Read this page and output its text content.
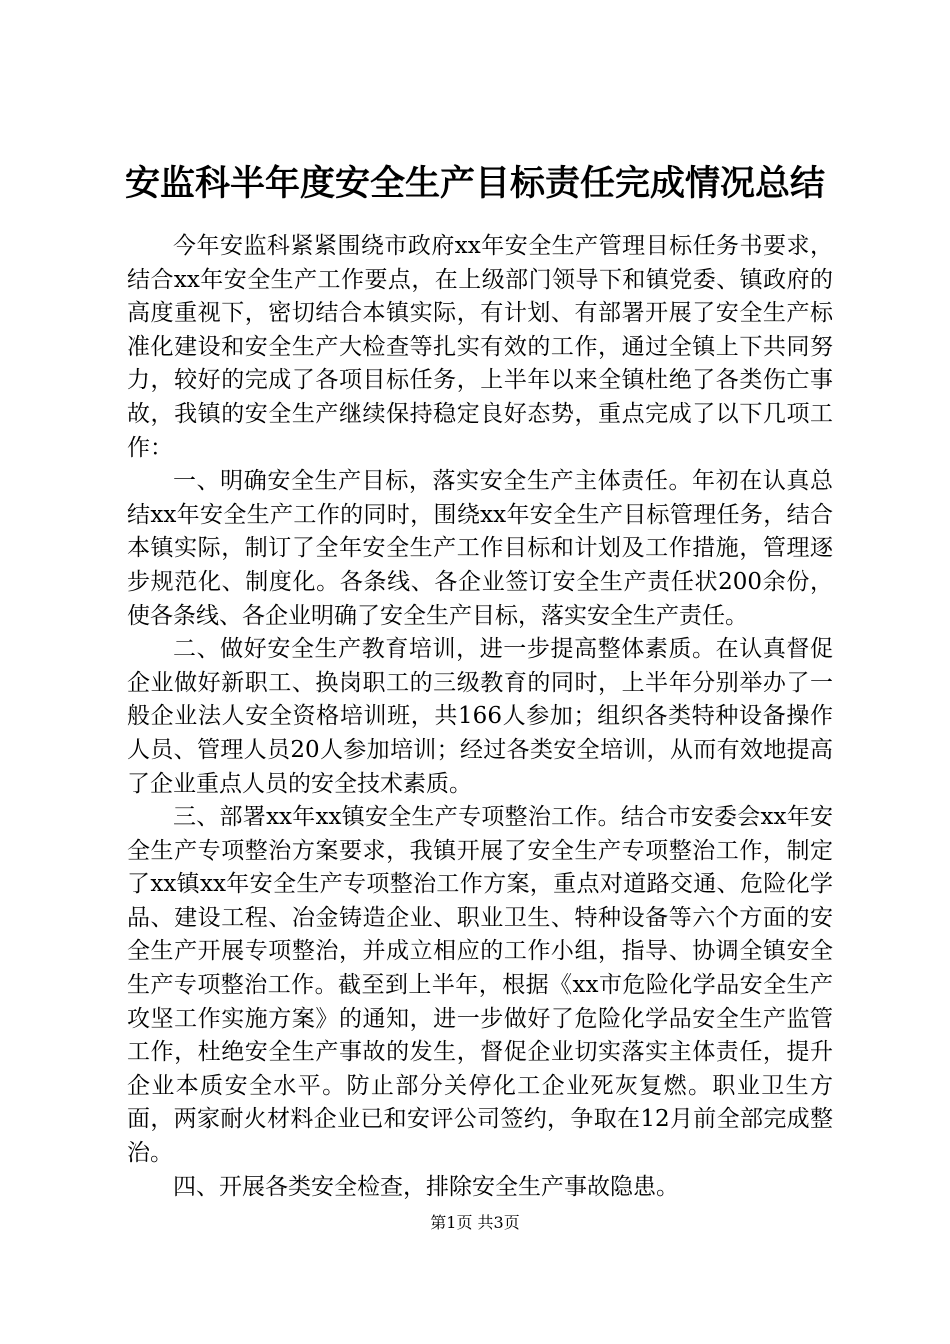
安监科半年度安全生产目标责任完成情况总结

今年安监科紧紧围绕市政府xx年安全生产管理目标任务书要求，结合xx年安全生产工作要点，在上级部门领导下和镇党委、镇政府的高度重视下，密切结合本镇实际，有计划、有部署开展了安全生产标准化建设和安全生产大检查等扎实有效的工作，通过全镇上下共同努力，较好的完成了各项目标任务，上半年以来全镇杜绝了各类伤亡事故，我镇的安全生产继续保持稳定良好态势，重点完成了以下几项工作：

一、明确安全生产目标，落实安全生产主体责任。年初在认真总结xx年安全生产工作的同时，围绕xx年安全生产目标管理任务，结合本镇实际，制订了全年安全生产工作目标和计划及工作措施，管理逐步规范化、制度化。各条线、各企业签订安全生产责任状200余份，使各条线、各企业明确了安全生产目标，落实安全生产责任。

二、做好安全生产教育培训，进一步提高整体素质。在认真督促企业做好新职工、换岗职工的三级教育的同时，上半年分别举办了一般企业法人安全资格培训班，共166人参加；组织各类特种设备操作人员、管理人员20人参加培训；经过各类安全培训，从而有效地提高了企业重点人员的安全技术素质。

三、部署xx年xx镇安全生产专项整治工作。结合市安委会xx年安全生产专项整治方案要求，我镇开展了安全生产专项整治工作，制定了xx镇xx年安全生产专项整治工作方案，重点对道路交通、危险化学品、建设工程、冶金铸造企业、职业卫生、特种设备等六个方面的安全生产开展专项整治，并成立相应的工作小组，指导、协调全镇安全生产专项整治工作。截至到上半年，根据《xx市危险化学品安全生产攻坚工作实施方案》的通知，进一步做好了危险化学品安全生产监管工作，杜绝安全生产事故的发生，督促企业切实落实主体责任，提升企业本质安全水平。防止部分关停化工企业死灰复燃。职业卫生方面，两家耐火材料企业已和安评公司签约，争取在12月前全部完成整治。

四、开展各类安全检查，排除安全生产事故隐患。

第1页 共3页
